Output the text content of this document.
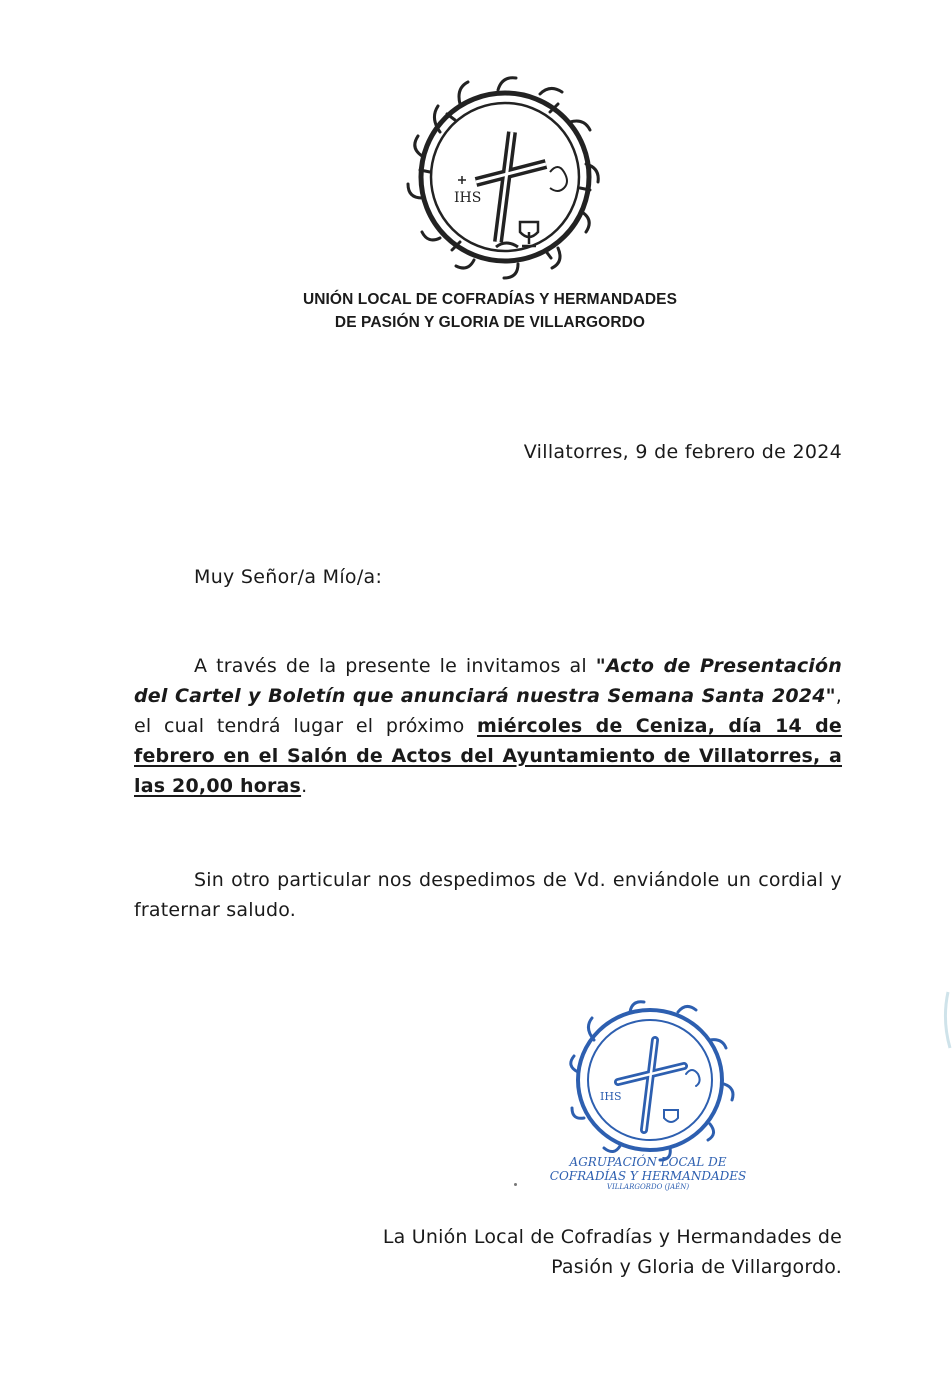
IHS
UNIÓN LOCAL DE COFRADÍAS Y HERMANDADES
DE PASIÓN Y GLORIA DE VILLARGORDO
Villatorres, 9 de febrero de 2024
Muy Señor/a Mío/a:
A través de la presente le invitamos al "Acto de Presentación del Cartel y Boletín que anunciará nuestra Semana Santa 2024", el cual tendrá lugar el próximo miércoles de Ceniza, día 14 de febrero en el Salón de Actos del Ayuntamiento de Villatorres, a las 20,00 horas.
Sin otro particular nos despedimos de Vd. enviándole un cordial y fraternar saludo.
IHS
AGRUPACIÓN LOCAL DE
COFRADÍAS Y HERMANDADES
VILLARGORDO (JAÉN)
La Unión Local de Cofradías y Hermandades de
Pasión y Gloria de Villargordo.
